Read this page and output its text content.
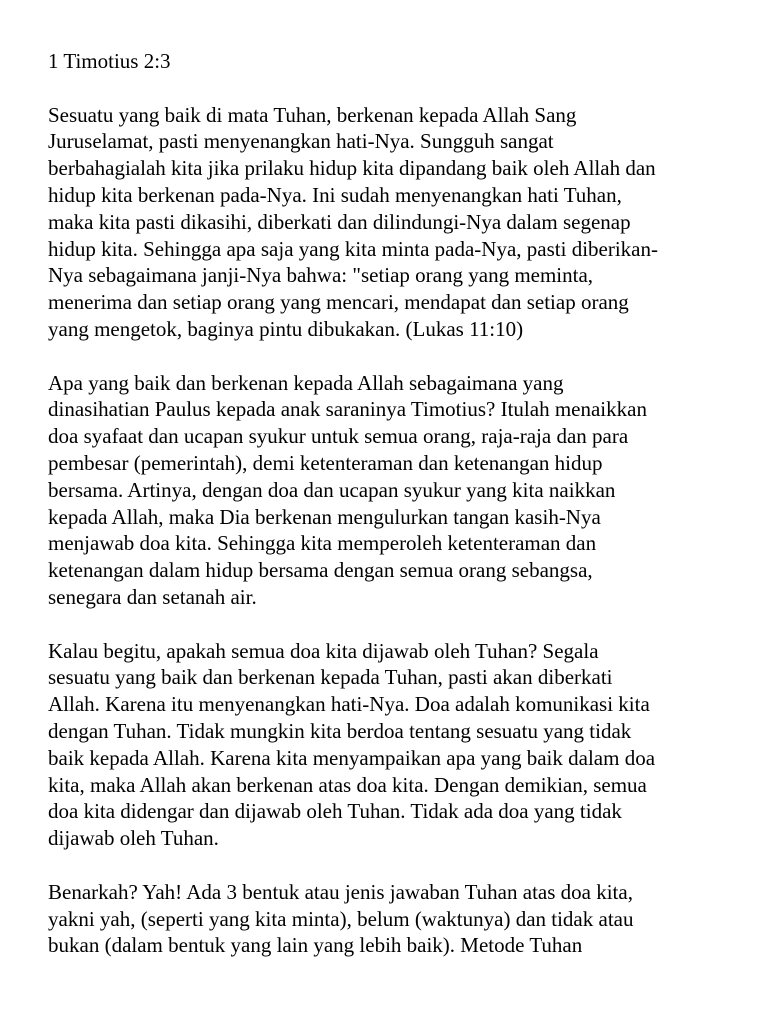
1 Timotius 2:3

Sesuatu yang baik di mata Tuhan, berkenan kepada Allah Sang
Juruselamat, pasti menyenangkan hati-Nya. Sungguh sangat
berbahagialah kita jika prilaku hidup kita dipandang baik oleh Allah dan
hidup kita berkenan pada-Nya. Ini sudah menyenangkan hati Tuhan,
maka kita pasti dikasihi, diberkati dan dilindungi-Nya dalam segenap
hidup kita. Sehingga apa saja yang kita minta pada-Nya, pasti diberikan-
Nya sebagaimana janji-Nya bahwa: "setiap orang yang meminta,
menerima dan setiap orang yang mencari, mendapat dan setiap orang
yang mengetok, baginya pintu dibukakan. (Lukas 11:10)

Apa yang baik dan berkenan kepada Allah sebagaimana yang
dinasihatian Paulus kepada anak saraninya Timotius? Itulah menaikkan
doa syafaat dan ucapan syukur untuk semua orang, raja-raja dan para
pembesar (pemerintah), demi ketenteraman dan ketenangan hidup
bersama. Artinya, dengan doa dan ucapan syukur yang kita naikkan
kepada Allah, maka Dia berkenan mengulurkan tangan kasih-Nya
menjawab doa kita. Sehingga kita memperoleh ketenteraman dan
ketenangan dalam hidup bersama dengan semua orang sebangsa,
senegara dan setanah air.

Kalau begitu, apakah semua doa kita dijawab oleh Tuhan? Segala
sesuatu yang baik dan berkenan kepada Tuhan, pasti akan diberkati
Allah. Karena itu menyenangkan hati-Nya. Doa adalah komunikasi kita
dengan Tuhan. Tidak mungkin kita berdoa tentang sesuatu yang tidak
baik kepada Allah. Karena kita menyampaikan apa yang baik dalam doa
kita, maka Allah akan berkenan atas doa kita. Dengan demikian, semua
doa kita didengar dan dijawab oleh Tuhan. Tidak ada doa yang tidak
dijawab oleh Tuhan.

Benarkah? Yah! Ada 3 bentuk atau jenis jawaban Tuhan atas doa kita,
yakni yah, (seperti yang kita minta), belum (waktunya) dan tidak atau
bukan (dalam bentuk yang lain yang lebih baik). Metode Tuhan
